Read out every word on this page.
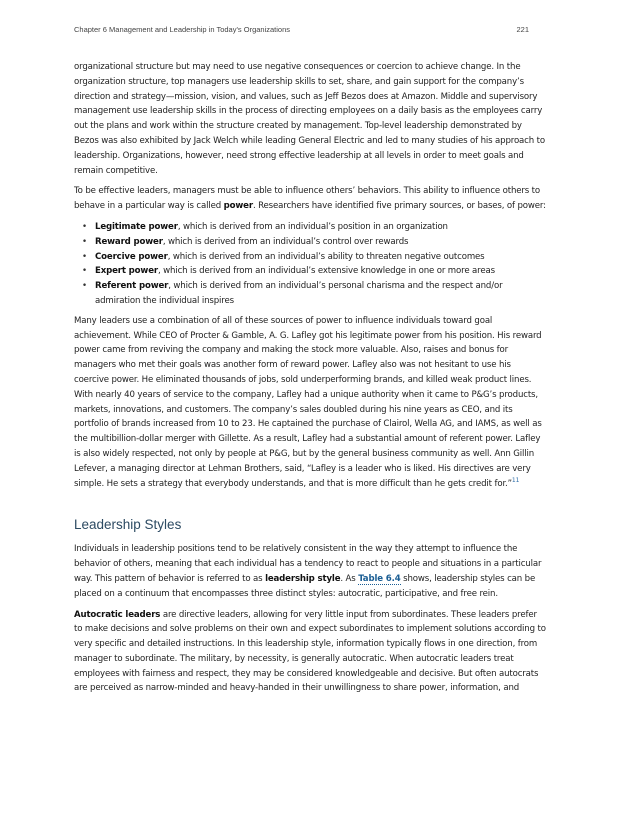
Chapter 6 Management and Leadership in Today's Organizations	221

organizational structure but may need to use negative consequences or coercion to achieve change. In the organization structure, top managers use leadership skills to set, share, and gain support for the company’s direction and strategy—mission, vision, and values, such as Jeff Bezos does at Amazon. Middle and supervisory management use leadership skills in the process of directing employees on a daily basis as the employees carry out the plans and work within the structure created by management. Top-level leadership demonstrated by Bezos was also exhibited by Jack Welch while leading General Electric and led to many studies of his approach to leadership. Organizations, however, need strong effective leadership at all levels in order to meet goals and remain competitive.

To be effective leaders, managers must be able to influence others’ behaviors. This ability to influence others to behave in a particular way is called power. Researchers have identified five primary sources, or bases, of power:

• Legitimate power, which is derived from an individual’s position in an organization
• Reward power, which is derived from an individual’s control over rewards
• Coercive power, which is derived from an individual’s ability to threaten negative outcomes
• Expert power, which is derived from an individual’s extensive knowledge in one or more areas
• Referent power, which is derived from an individual’s personal charisma and the respect and/or admiration the individual inspires

Many leaders use a combination of all of these sources of power to influence individuals toward goal achievement. While CEO of Procter & Gamble, A. G. Lafley got his legitimate power from his position. His reward power came from reviving the company and making the stock more valuable. Also, raises and bonus for managers who met their goals was another form of reward power. Lafley also was not hesitant to use his coercive power. He eliminated thousands of jobs, sold underperforming brands, and killed weak product lines. With nearly 40 years of service to the company, Lafley had a unique authority when it came to P&G’s products, markets, innovations, and customers. The company’s sales doubled during his nine years as CEO, and its portfolio of brands increased from 10 to 23. He captained the purchase of Clairol, Wella AG, and IAMS, as well as the multibillion-dollar merger with Gillette. As a result, Lafley had a substantial amount of referent power. Lafley is also widely respected, not only by people at P&G, but by the general business community as well. Ann Gillin Lefever, a managing director at Lehman Brothers, said, “Lafley is a leader who is liked. His directives are very simple. He sets a strategy that everybody understands, and that is more difficult than he gets credit for.”$^{11}$

Leadership Styles

Individuals in leadership positions tend to be relatively consistent in the way they attempt to influence the behavior of others, meaning that each individual has a tendency to react to people and situations in a particular way. This pattern of behavior is referred to as leadership style. As Table 6.4 shows, leadership styles can be placed on a continuum that encompasses three distinct styles: autocratic, participative, and free rein.

Autocratic leaders are directive leaders, allowing for very little input from subordinates. These leaders prefer to make decisions and solve problems on their own and expect subordinates to implement solutions according to very specific and detailed instructions. In this leadership style, information typically flows in one direction, from manager to subordinate. The military, by necessity, is generally autocratic. When autocratic leaders treat employees with fairness and respect, they may be considered knowledgeable and decisive. But often autocrats are perceived as narrow-minded and heavy-handed in their unwillingness to share power, information, and
